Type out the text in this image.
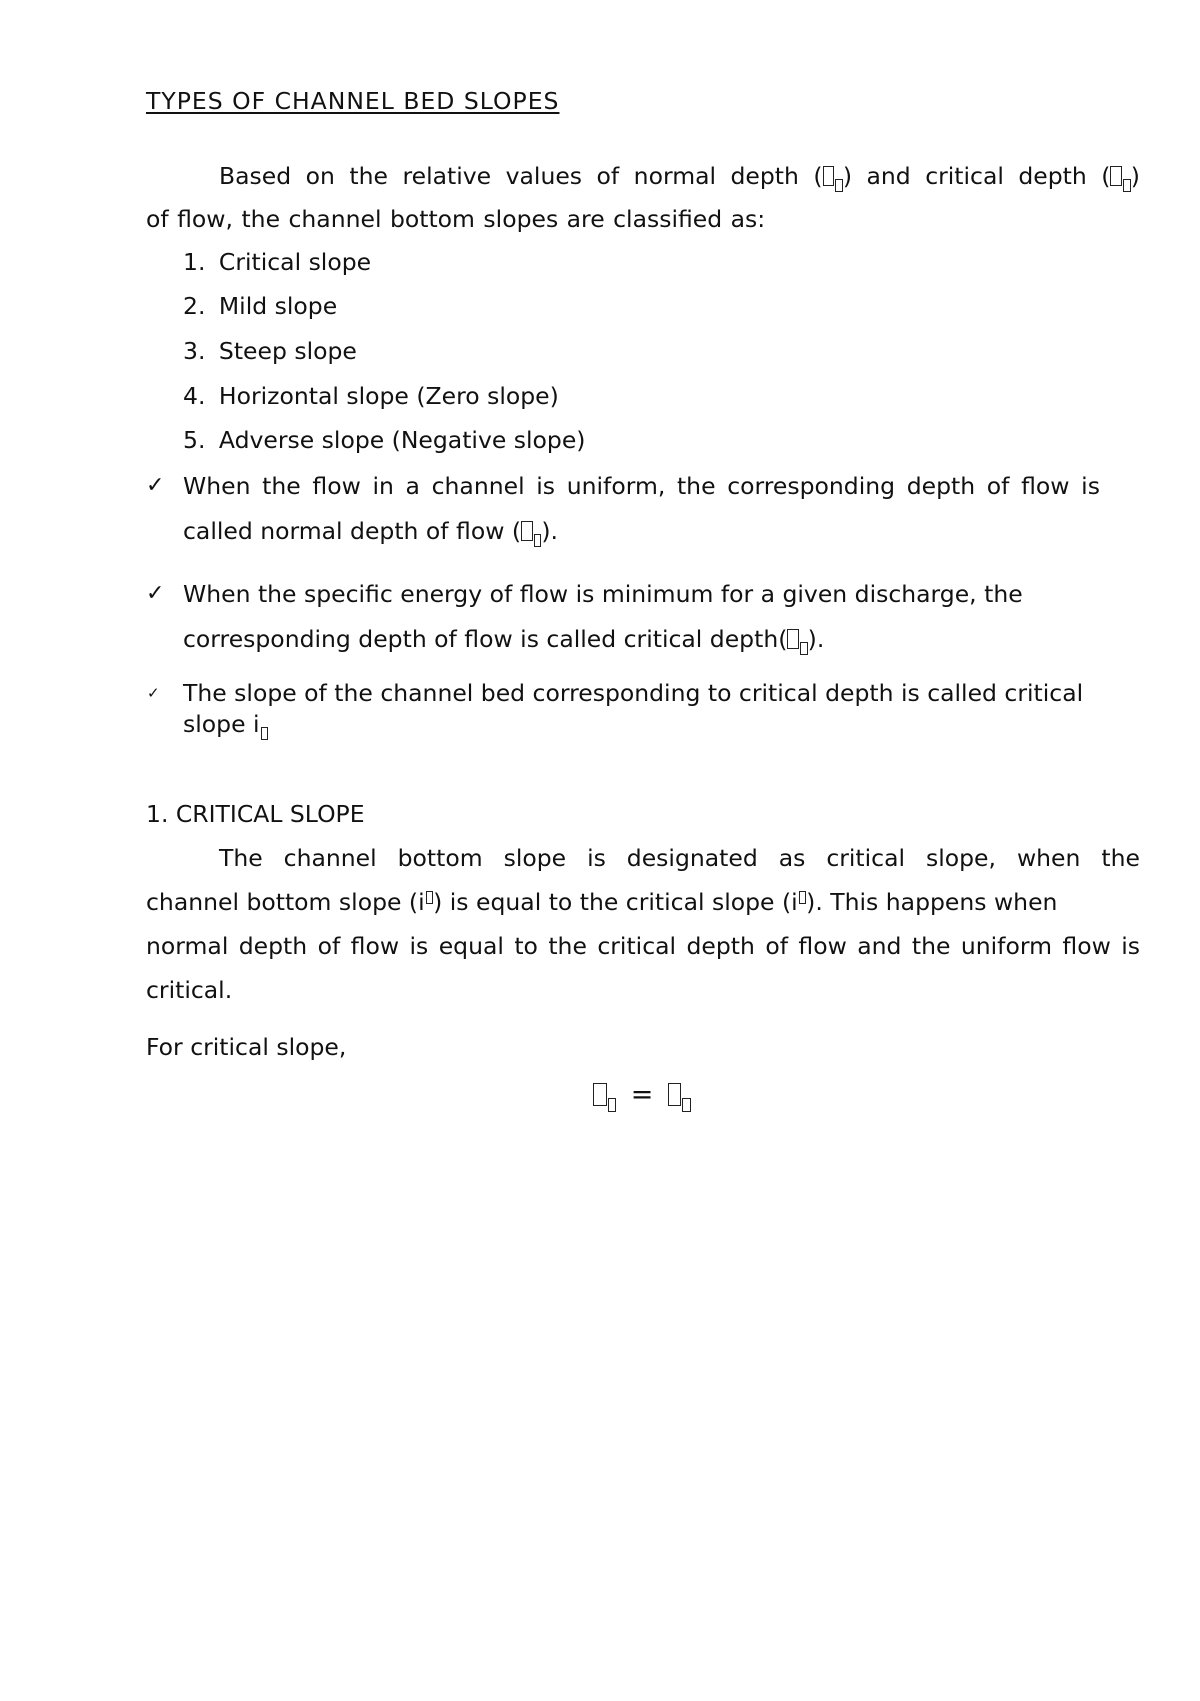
TYPES OF CHANNEL BED SLOPES
Based on the relative values of normal depth ( ) and critical depth ( )
of flow, the channel bottom slopes are classified as:
1. Critical slope
2. Mild slope
3. Steep slope
4. Horizontal slope (Zero slope)
5. Adverse slope (Negative slope)
✓ When the flow in a channel is uniform, the corresponding depth of flow is
called normal depth of flow ( ).
✓ When the specific energy of flow is minimum for a given discharge, the
corresponding depth of flow is called critical depth( ).
✓ The slope of the channel bed corresponding to critical depth is called critical
slope i
1. CRITICAL SLOPE
The channel bottom slope is designated as critical slope, when the
channel bottom slope (i ) is equal to the critical slope (i ). This happens when
normal depth of flow is equal to the critical depth of flow and the uniform flow is
critical.
For critical slope,
=
